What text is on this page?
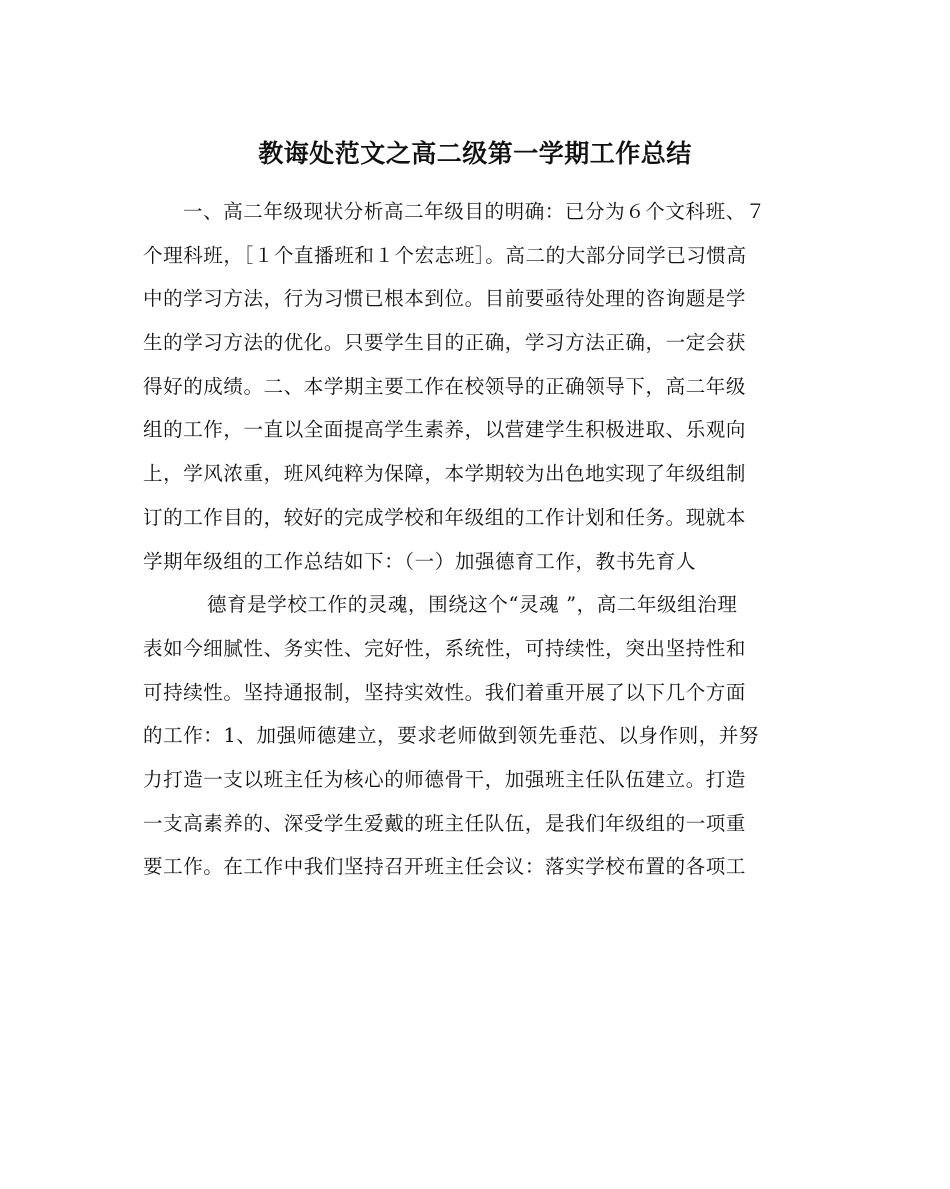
教诲处范文之高二级第一学期工作总结
一、高二年级现状分析高二年级目的明确：已分为６个文科班、７
个理科班，［１个直播班和１个宏志班］。高二的大部分同学已习惯高
中的学习方法，行为习惯已根本到位。目前要亟待处理的咨询题是学
生的学习方法的优化。只要学生目的正确，学习方法正确，一定会获
得好的成绩。二、本学期主要工作在校领导的正确领导下，高二年级
组的工作，一直以全面提高学生素养，以营建学生积极进取、乐观向
上，学风浓重，班风纯粹为保障，本学期较为出色地实现了年级组制
订的工作目的，较好的完成学校和年级组的工作计划和任务。现就本
学期年级组的工作总结如下：（一）加强德育工作，教书先育人
德育是学校工作的灵魂，围绕这个“灵魂 ”，高二年级组治理
表如今细腻性、务实性、完好性，系统性，可持续性，突出坚持性和
可持续性。坚持通报制，坚持实效性。我们着重开展了以下几个方面
的工作：1、加强师德建立，要求老师做到领先垂范、以身作则，并努
力打造一支以班主任为核心的师德骨干，加强班主任队伍建立。打造
一支高素养的、深受学生爱戴的班主任队伍，是我们年级组的一项重
要工作。在工作中我们坚持召开班主任会议：落实学校布置的各项工
